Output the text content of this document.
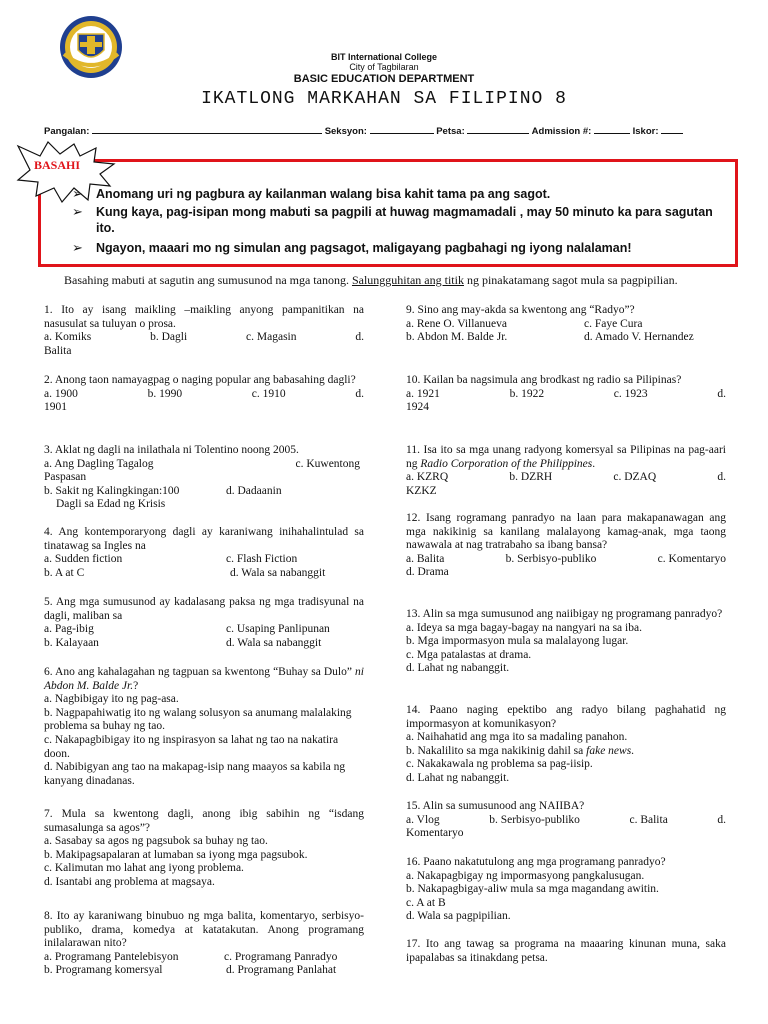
BIT International College
City of Tagbilaran
BASIC EDUCATION DEPARTMENT
IKATLONG MARKAHAN SA FILIPINO 8
Pangalan:	Seksyon:	Petsa:	Admission #:	Iskor:
BASAHI
➢ Anomang uri ng pagbura ay kailanman walang bisa kahit tama pa ang sagot.
➢ Kung kaya, pag-isipan mong mabuti sa pagpili at huwag magmamadali , may 50 minuto ka para sagutan ito.
➢ Ngayon, maaari mo ng simulan ang pagsagot, maligayang pagbahagi ng iyong nalalaman!
Basahing mabuti at sagutin ang sumusunod na mga tanong. Salungguhitan ang titik ng pinakatamang sagot mula sa pagpipilian.
1. Ito ay isang maikling –maikling anyong pampanitikan na nasusulat sa tuluyan o prosa.
a. Komiks	b. Dagli	c. Magasin	d.
Balita
2. Anong taon namayagpag o naging popular ang babasahing dagli?
a. 1900	b. 1990	c. 1910	d.
1901
3. Aklat ng dagli na inilathala ni Tolentino noong 2005.
a. Ang Dagling Tagalog	c. Kuwentong
Paspasan
b. Sakit ng Kalingkingan:100	d. Dadaanin
Dagli sa Edad ng Krisis
4. Ang kontemporaryong dagli ay karaniwang inihahalintulad sa tinatawag sa Ingles na
a. Sudden fiction	c. Flash Fiction
b. A at C	d. Wala sa nabanggit
5. Ang mga sumusunod ay kadalasang paksa ng mga tradisyunal na dagli, maliban sa
a. Pag-ibig	c. Usaping Panlipunan
b. Kalayaan	d. Wala sa nabanggit
6. Ano ang kahalagahan ng tagpuan sa kwentong “Buhay sa Dulo” ni Abdon M. Balde Jr.?
a. Nagbibigay ito ng pag-asa.
b. Nagpapahiwatig ito ng walang solusyon sa anumang malalaking problema sa buhay ng tao.
c. Nakapagbibigay ito ng inspirasyon sa lahat ng tao na nakatira doon.
d. Nabibigyan ang tao na makapag-isip nang maayos sa kabila ng kanyang dinadanas.
7. Mula sa kwentong dagli, anong ibig sabihin ng “isdang sumasalunga sa agos”?
a. Sasabay sa agos ng pagsubok sa buhay ng tao.
b. Makipagsapalaran at lumaban sa iyong mga pagsubok.
c. Kalimutan mo lahat ang iyong problema.
d. Isantabi ang problema at magsaya.
8. Ito ay karaniwang binubuo ng mga balita, komentaryo, serbisyo-publiko, drama, komedya at katatakutan. Anong programang inilalarawan nito?
a. Programang Pantelebisyon	c. Programang Panradyo
b. Programang komersyal	d. Programang Panlahat
9. Sino ang may-akda sa kwentong ang “Radyo”?
a. Rene O. Villanueva	c. Faye Cura
b. Abdon M. Balde Jr.	d. Amado V. Hernandez
10. Kailan ba nagsimula ang brodkast ng radio sa Pilipinas?
a. 1921	b. 1922	c. 1923	d.
1924
11. Isa ito sa mga unang radyong komersyal sa Pilipinas na pag-aari ng Radio Corporation of the Philippines.
a. KZRQ	b. DZRH	c. DZAQ	d.
KZKZ
12. Isang rogramang panradyo na laan para makapanawagan ang mga nakikinig sa kanilang malalayong kamag-anak, mga taong nawawala at nag tratrabaho sa ibang bansa?
a. Balita	b. Serbisyo-publiko	c. Komentaryo
d. Drama
13. Alin sa mga sumusunod ang naiibigay ng programang panradyo?
a. Ideya sa mga bagay-bagay na nangyari na sa iba.
b. Mga impormasyon mula sa malalayong lugar.
c. Mga patalastas at drama.
d. Lahat ng nabanggit.
14. Paano naging epektibo ang radyo bilang paghahatid ng impormasyon at komunikasyon?
a. Naihahatid ang mga ito sa madaling panahon.
b. Nakalilito sa mga nakikinig dahil sa fake news.
c. Nakakawala ng problema sa pag-iisip.
d. Lahat ng nabanggit.
15. Alin sa sumusunood ang NAIIBA?
a. Vlog	b. Serbisyo-publiko	c. Balita	d.
Komentaryo
16. Paano nakatutulong ang mga programang panradyo?
a. Nakapagbigay ng impormasyong pangkalusugan.
b. Nakapagbigay-aliw mula sa mga magandang awitin.
c. A at B
d. Wala sa pagpipilian.
17. Ito ang tawag sa programa na maaaring kinunan muna, saka ipapalabas sa itinakdang petsa.
